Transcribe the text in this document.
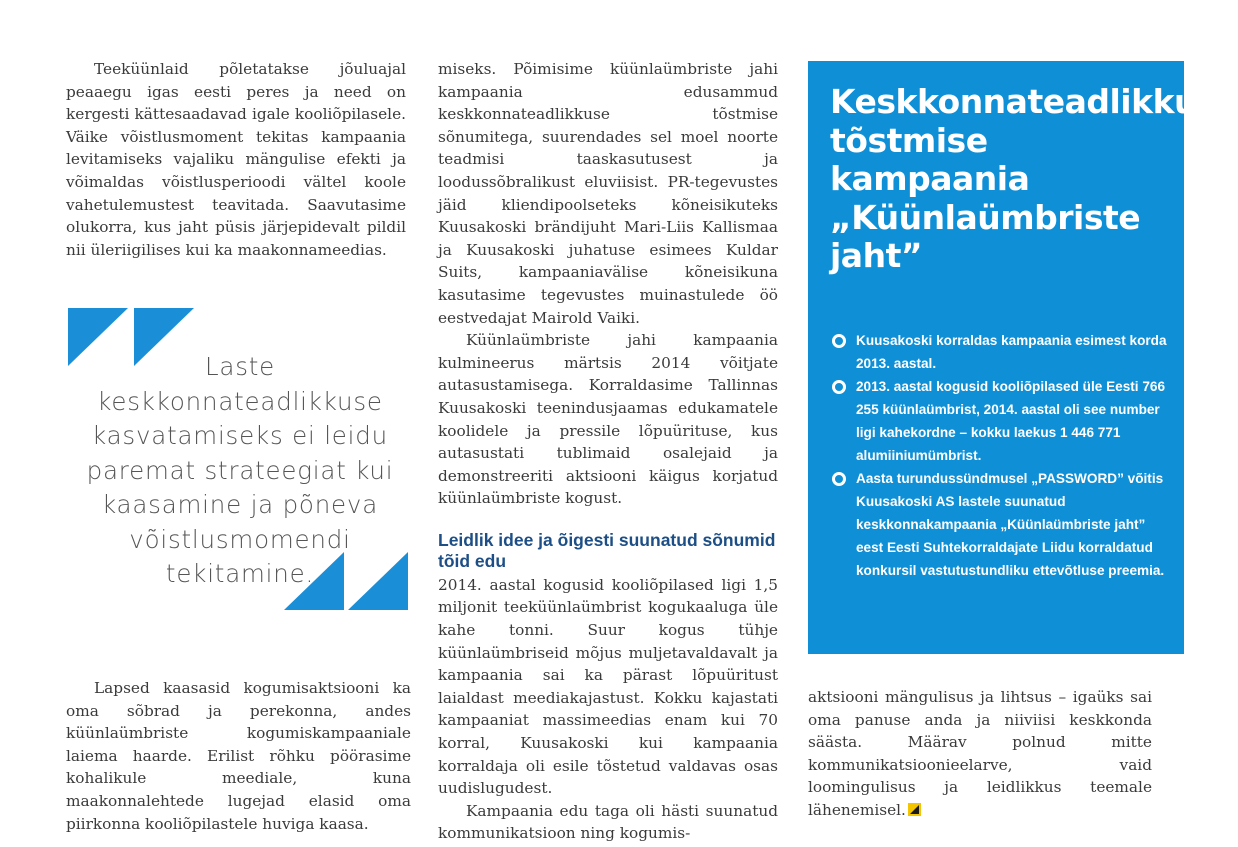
Teeküünlaid põletatakse jõuluajal peaaegu igas eesti peres ja need on kergesti kättesaadavad igale kooliõpilasele. Väike võistlusmoment tekitas kampaania levitamiseks vajaliku mängulise efekti ja võimaldas võistlusperioodi vältel koole vahetulemustest teavitada. Saavutasime olukorra, kus jaht püsis järjepidevalt pildil nii üleriigilises kui ka maakonnameedias.

Laste keskkonnateadlikkuse kasvatamiseks ei leidu paremat strateegiat kui kaasamine ja põneva võistlusmomendi tekitamine.

Lapsed kaasasid kogumisaktsiooni ka oma sõbrad ja perekonna, andes küünlaümbriste kogumiskampaaniale laiema haarde. Erilist rõhku pöörasime kohalikule meediale, kuna maakonnalehtede lugejad elasid oma piirkonna kooliõpilastele huviga kaasa.

miseks. Põimisime küünlaümbriste jahi kampaania edusammud keskkonnateadlikkuse tõstmise sõnumitega, suurendades sel moel noorte teadmisi taaskasutusest ja loodussõbralikust eluviisist. PR-tegevustes jäid kliendipoolseteks kõneisikuteks Kuusakoski brändijuht Mari-Liis Kallismaa ja Kuusakoski juhatuse esimees Kuldar Suits, kampaaniavälise kõneisikuna kasutasime tegevustes muinastulede öö eestvedajat Mairold Vaiki.

Küünlaümbriste jahi kampaania kulmineerus märtsis 2014 võitjate autasustamisega. Korraldasime Tallinnas Kuusakoski teenindusjaamas edukamatele koolidele ja pressile lõpuürituse, kus autasustati tublimaid osalejaid ja demonstreeriti aktsiooni käigus korjatud küünlaümbriste kogust.

Leidlik idee ja õigesti suunatud sõnumid tõid edu

2014. aastal kogusid kooliõpilased ligi 1,5 miljonit teeküünlaümbrist kogukaaluga üle kahe tonni. Suur kogus tühje küünlaümbriseid mõjus muljetavaldavalt ja kampaania sai ka pärast lõpuüritust laialdast meediakajastust. Kokku kajastati kampaaniat massimeedias enam kui 70 korral, Kuusakoski kui kampaania korraldaja oli esile tõstetud valdavas osas uudislugudest.

Kampaania edu taga oli hästi suunatud kommunikatsioon ning kogumis-

Keskkonnateadlikkuse tõstmise kampaania „Küünlaümbriste jaht”
Kuusakoski korraldas kampaania esimest korda 2013. aastal.
2013. aastal kogusid kooliõpilased üle Eesti 766 255 küünlaümbrist, 2014. aastal oli see number ligi kahekordne – kokku laekus 1 446 771 alumiiniumümbrist.
Aasta turundussündmusel „PASSWORD” võitis Kuusakoski AS lastele suunatud keskkonnakampaania „Küünlaümbriste jaht” eest Eesti Suhtekorraldajate Liidu korraldatud konkursil vastutustundliku ettevõtluse preemia.

aktsiooni mängulisus ja lihtsus – igaüks sai oma panuse anda ja niiviisi keskkonda säästa. Määrav polnud mitte kommunikatsioonieelarve, vaid loomingulisus ja leidlikkus teemale lähenemisel.
